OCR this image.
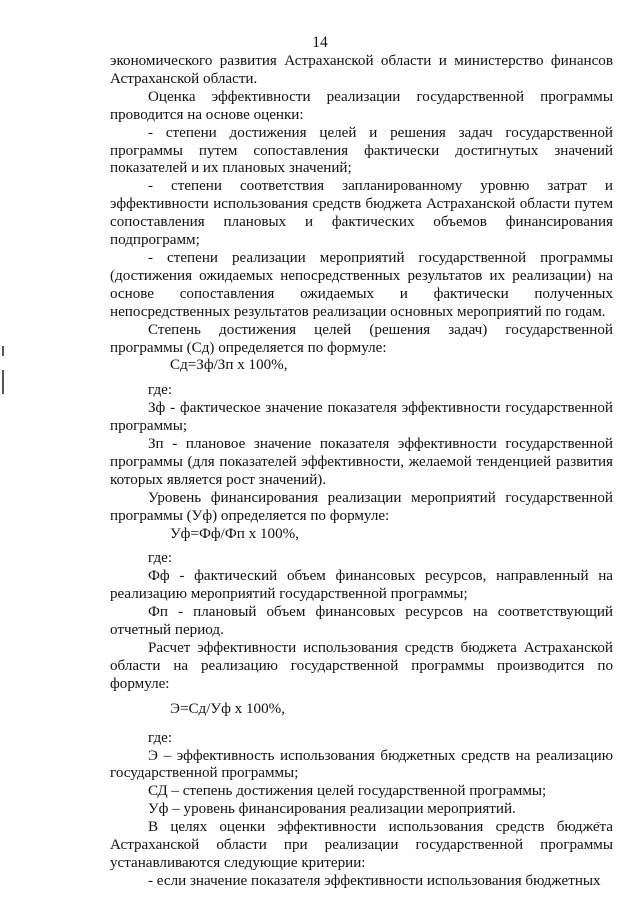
14

экономического развития Астраханской области и министерство финансов Астраханской области.

Оценка эффективности реализации государственной программы проводится на основе оценки:

- степени достижения целей и решения задач государственной программы путем сопоставления фактически достигнутых значений показателей и их плановых значений;

- степени соответствия запланированному уровню затрат и эффективности использования средств бюджета Астраханской области путем сопоставления плановых и фактических объемов финансирования подпрограмм;

- степени реализации мероприятий государственной программы (достижения ожидаемых непосредственных результатов их реализации) на основе сопоставления ожидаемых и фактически полученных непосредственных результатов реализации основных мероприятий по годам.

Степень достижения целей (решения задач) государственной программы (Сд) определяется по формуле:

Сд=Зф/Зп х 100%,

где:

Зф - фактическое значение показателя эффективности государственной программы;

Зп - плановое значение показателя эффективности государственной программы (для показателей эффективности, желаемой тенденцией развития которых является рост значений).

Уровень финансирования реализации мероприятий государственной программы (Уф) определяется по формуле:

Уф=Фф/Фп х 100%,

где:

Фф - фактический объем финансовых ресурсов, направленный на реализацию мероприятий государственной программы;

Фп - плановый объем финансовых ресурсов на соответствующий отчетный период.

Расчет эффективности использования средств бюджета Астраханской области на реализацию государственной программы производится по формуле:

Э=Сд/Уф х 100%,

где:

Э – эффективность использования бюджетных средств на реализацию государственной программы;

СД – степень достижения целей государственной программы;

Уф – уровень финансирования реализации мероприятий.

В целях оценки эффективности использования средств бюджета Астраханской области при реализации государственной программы устанавливаются следующие критерии:

- если значение показателя эффективности использования бюджетных
